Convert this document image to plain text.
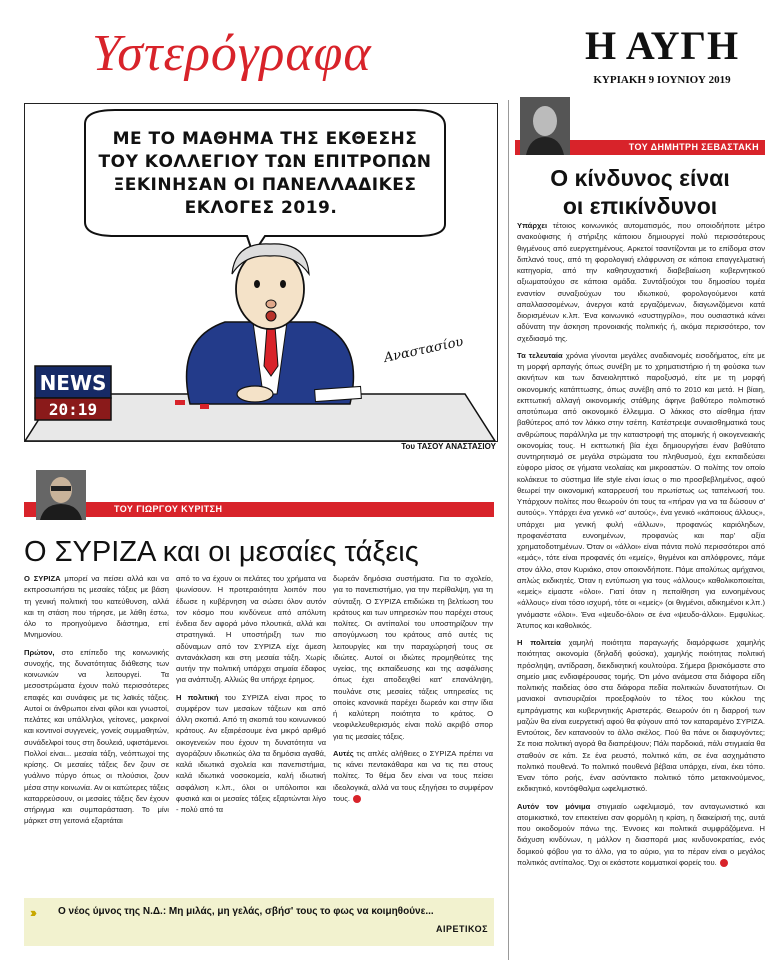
Υστερόγραφα	Η ΑΥΓΗ
ΚΥΡΙΑΚΗ 9 ΙΟΥΝΙΟΥ 2019
ΜΕ ΤΟ ΜΑΘΗΜΑ ΤΗΣ ΕΚΘΕΣΗΣ
ΤΟΥ ΚΟΛΛΕΓΙΟΥ ΤΩΝ ΕΠΙΤΡΟΠΩΝ
ΞΕΚΙΝΗΣΑΝ ΟΙ ΠΑΝΕΛΛΑΔΙΚΕΣ
ΕΚΛΟΓΕΣ 2019.
NEWS
20:19
Αναστασίου
Του ΤΑΣΟΥ ΑΝΑΣΤΑΣΙΟΥ
ΤΟΥ ΔΗΜΗΤΡΗ ΣΕΒΑΣΤΑΚΗ
Ο κίνδυνος είναι
οι επικίνδυνοι

Υπάρχει τέτοιος κοινωνικός αυτοματισμός, που οποιοδήποτε μέτρο ανακούφισης ή στήριξης κάποιου δημιουργεί πολύ περισσότερους θιγμένους από ευεργετημένους. Αρκετοί τσαντίζονται με το επίδομα στον διπλανό τους, από τη φορολογική ελάφρυνση σε κάποια επαγγελματική κατηγορία, από την καθησυχαστική διαβεβαίωση κυβερνητικού αξιωματούχου σε κάποια ομάδα. Συντάξιούχοι του δημοσίου τομέα εναντίον συναξιούχων του ιδιωτικού, φορολογούμενοι κατά απαλλασσομένων, άνεργοι κατά εργαζόμενων, διαγωνιζόμενοι κατά διορισμένων κ.λπ. Ένα κοινωνικό «συστηγρίλο», που ουσιαστικά κάνει αδύνατη την άσκηση προνοιακής πολιτικής ή, ακόμα περισσότερο, τον σχεδιασμό της.

Τα τελευταία χρόνια γίνονται μεγάλες αναδιανομές εισοδήματος, είτε με τη μορφή αρπαγής όπως συνέβη με το χρηματιστήριο ή τη φούσκα των ακινήτων και των δανειοληπτικό παροξυσμό, είτε με τη μορφή οικονομικής κατάπτωσης, όπως συνέβη από το 2010 και μετά. Η βίαιη, εκπτωτική αλλαγή οικονομικής στάθμης άφηνε βαθύτερο πολιτιστικό αποτύπωμα από οικονομικό έλλειμμα. Ο λάκκος στο αίσθημα ήταν βαθύτερος από τον λάκκο στην τσέπη. Κατέστρεψε συναισθηματικά τους ανθρώπους παράλληλα με την καταστροφή της ατομικής ή οικογενειακής οικονομίας τους. Η εκπτωτική βία έχει δημιουργήσει έναν βαθύτατο συντηρητισμό σε μεγάλα στρώματα του πληθυσμού, έχει εκπαιδεύσει εύφορο μίσος σε γήματα νεολαίας και μικροαστών. Ο πολίτης τον οποίο κολάκευε το σύστημα life style είναι ίσως ο πιο προσβεβλημένος, αφού θεωρεί την οικονομική καταρρευσή του πρωτίστως ως ταπείνωσή του. Υπάρχουν πολίτες που θεωρούν ότι τους τα «πήραν για να τα δώσουν σ' αυτούς». Υπάρχει ένα γενικό «σ' αυτούς», ένα γενικό «κάποιους άλλους», υπάρχει μια γενική φυλή «άλλων», προφανώς καριόληδων, προφανέστατα ευνοημένων, προφανώς και παρ' αξία χρηματοδοτημένων. Όταν οι «άλλοι» είναι πάντα πολύ περισσότεροι από «εμάς», τότε είναι προφανές ότι «εμείς», θιγμένοι και απλόφρονες, πάμε στον άλλο, στον Κυριάκο, στον οποιονδήποτε. Πάμε απολύτως αμήχανοι, απλώς εκδικητές. Όταν η εντύπωση για τους «άλλους» καθολικοποιείται, «εμείς» είμαστε «όλοι». Γιατί όταν η πεποίθηση για ευνοημένους «άλλους» είναι τόσο ισχυρή, τότε οι «εμείς» (οι θιγμένοι, αδικημένοι κ.λπ.) γινόμαστε «όλοι». Ένα «ψευδο-όλοι» σε ένα «ψευδο-άλλοι». Εμφυλίως. Άτυπος και καθολικός.

Η πολιτεία χαμηλή ποιότητα παραγωγής διαμόρφωσε χαμηλής ποιότητας οικονομία (δηλαδή φούσκα), χαμηλής ποιότητας πολιτική πρόσληψη, αντίδραση, διεκδικητική κουλτούρα. Σήμερα βρισκόμαστε στο σημείο μιας ενδιαφέρουσας τομής. Ότι μόνο ανάμεσα στα διάφορα είδη πολιτικής παιδείας όσο στα διάφορα πεδία πολιτικών δυνατοτήτων. Οι μανιακοί αντισυριζαίοι προεξοφλούν το τέλος του κύκλου της εμπράγματης και κυβερνητικής Αριστεράς. Θεωρούν ότι η διαρροή των μαζών θα είναι ευεργετική αφού θα φύγουν από τον καταραμένο ΣΥΡΙΖΑ. Εντούτοις, δεν κατανοούν το άλλο σκέλος. Πού θα πάνε οι διαφυγόντες; Σε ποια πολιτική αγορά θα διαπρέψουν; Πάλι παρδοκιά, πάλι στιγμιαία θα σταθούν σε κάτι. Σε ένα ρευστό, πολιτικό κάτι, σε ένα ασχημάτιστο πολιτικό πουθενά. Το πολιτικό πουθενά βέβαια υπάρχει, είναι, έκει τόπο. Έναν τόπο ροής, έναν ασύντακτο πολιτικό τόπο μετακινούμενος, εκδικητικό, κοντόφθαλμα ωφελιμιστικό.

Αυτόν τον μόνιμα στιγμιαίο ωφελιμισμό, τον ανταγωνιστικό και ατομικιστικό, τον επεκτείνει σαν φορμόλη η κρίση, η διακείρισή της, αυτά που οικοδομούν πάνω της. Έννοιες και πολιτικά συμφράζόμενα. Η διάχυση κινδύνων, η μάλλον η διασπορά μιας κινδυνοκρατίας, ενός δομικού φόβου για το άλλο, για το αύριο, για το πέραν είναι ο μεγάλος πολιτικός αντίπαλος. Όχι οι εκάστοτε κομματικοί φορείς του.

ΤΟΥ ΓΙΩΡΓΟΥ ΚΥΡΙΤΣΗ
Ο ΣΥΡΙΖΑ και οι μεσαίες τάξεις

Ο ΣΥΡΙΖΑ μπορεί να πείσει αλλά και να εκπροσωπήσει τις μεσαίες τάξεις με βάση τη γενική πολιτική του κατεύθυνση, αλλά και τη στάση που τήρησε, με λάθη έστω, όλο το προηγούμενο διάστημα, επί Μνημονίου.

Πρώτον, στο επίπεδο της κοινωνικής συνοχής, της δυνατότητας διάθεσης των κοινωνιών να λειτουργεί. Τα μεσοστρώματα έχουν πολύ περισσότερες επαφές και συνάφεις με τις λαϊκές τάξεις. Αυτοί οι άνθρωποι είναι φίλοι και γνωστοί, πελάτες και υπάλληλοι, γείτονες, μακρινοί και κοντινοί συγγενείς, γονείς συμμαθητών, συνάδελφοί τους στη δουλειά, υφιστάμενοι. Πολλοί είναι... μεσαία τάξη, νεόπτωχοί της κρίσης. Οι μεσαίες τάξεις δεν ζουν σε γυάλινο πύργο όπως οι πλούσιοι, ζουν μέσα στην κοινωνία. Αν οι κατώτερες τάξεις καταρρεύσουν, οι μεσαίες τάξεις δεν έχουν στήριγμα και συμπαράσταση. Το μίνι μάρκετ στη γειτονιά εξαρτάται

από το να έχουν οι πελάτες του χρήματα να ψωνίσουν. Η προτεραιότητα λοιπόν που έδωσε η κυβέρνηση να σώσει όλον αυτόν τον κόσμο που κινδύνευε από απόλυτη ένδεια δεν αφορά μόνο πλουτικά, αλλά και στρατηγικά. Η υποστήριξη των πιο αδύναμων από τον ΣΥΡΙΖΑ είχε άμεση αντανάκλαση και στη μεσαία τάξη. Χωρίς αυτήν την πολιτική υπάρχει σημαία έδαφος για ανάπτυξη. Αλλιώς θα υπήρχε έρημος.

Η πολιτική του ΣΥΡΙΖΑ είναι προς το συμφέρον των μεσαίων τάξεων και από άλλη σκοπιά. Από τη σκοπιά του κοινωνικού κράτους. Αν εξαιρέσουμε ένα μικρό αριθμό οικογενειών που έχουν τη δυνατότητα να αγοράζουν ιδιωτικώς όλα τα δημόσια αγαθά, καλά ιδιωτικά σχολεία και πανεπιστήμια, καλά ιδιωτικά νοσοκομεία, καλή ιδιωτική ασφάλιση κ.λπ., όλοι οι υπόλοιποι και φυσικά και οι μεσαίες τάξεις εξαρτώνται λίγο - πολύ από τα

δωρεάν δημόσια συστήματα. Για το σχολείο, για το πανεπιστήμιο, για την περίθαλψη, για τη σύνταξη. Ο ΣΥΡΙΖΑ επιδιώκει τη βελτίωση του κράτους και των υπηρεσιών που παρέχει στους πολίτες. Οι αντίπαλοί του υποστηρίζουν την απογύμνωση του κράτους από αυτές τις λειτουργίες και την παραχώρησή τους σε ιδιώτες. Αυτοί οι ιδιώτες προμηθεύτες της υγείας, της εκπαίδευσης και της ασφάλισης όπως έχει αποδειχθεί κατ' επανάληψη, πουλάνε στις μεσαίες τάξεις υπηρεσίες τις οποίες κανονικά παρέχει δωρεάν και στην ίδια ή καλύτερη ποιότητα το κράτος. Ο νεοφιλελευθερισμός είναι πολύ ακριβό σπορ για τις μεσαίες τάξεις.

Αυτές τις απλές αλήθειες ο ΣΥΡΙΖΑ πρέπει να τις κάνει πεντακάθαρα και να τις πει στους πολίτες. Το θέμα δεν είναι να τους πείσει ιδεολογικά, αλλά να τους εξηγήσει το συμφέρον τους.

››› Ο νέος ύμνος της Ν.Δ.: Μη μιλάς, μη γελάς, σβήσ' τους το φως να κοιμηθούνε...
ΑΙΡΕΤΙΚΟΣ
